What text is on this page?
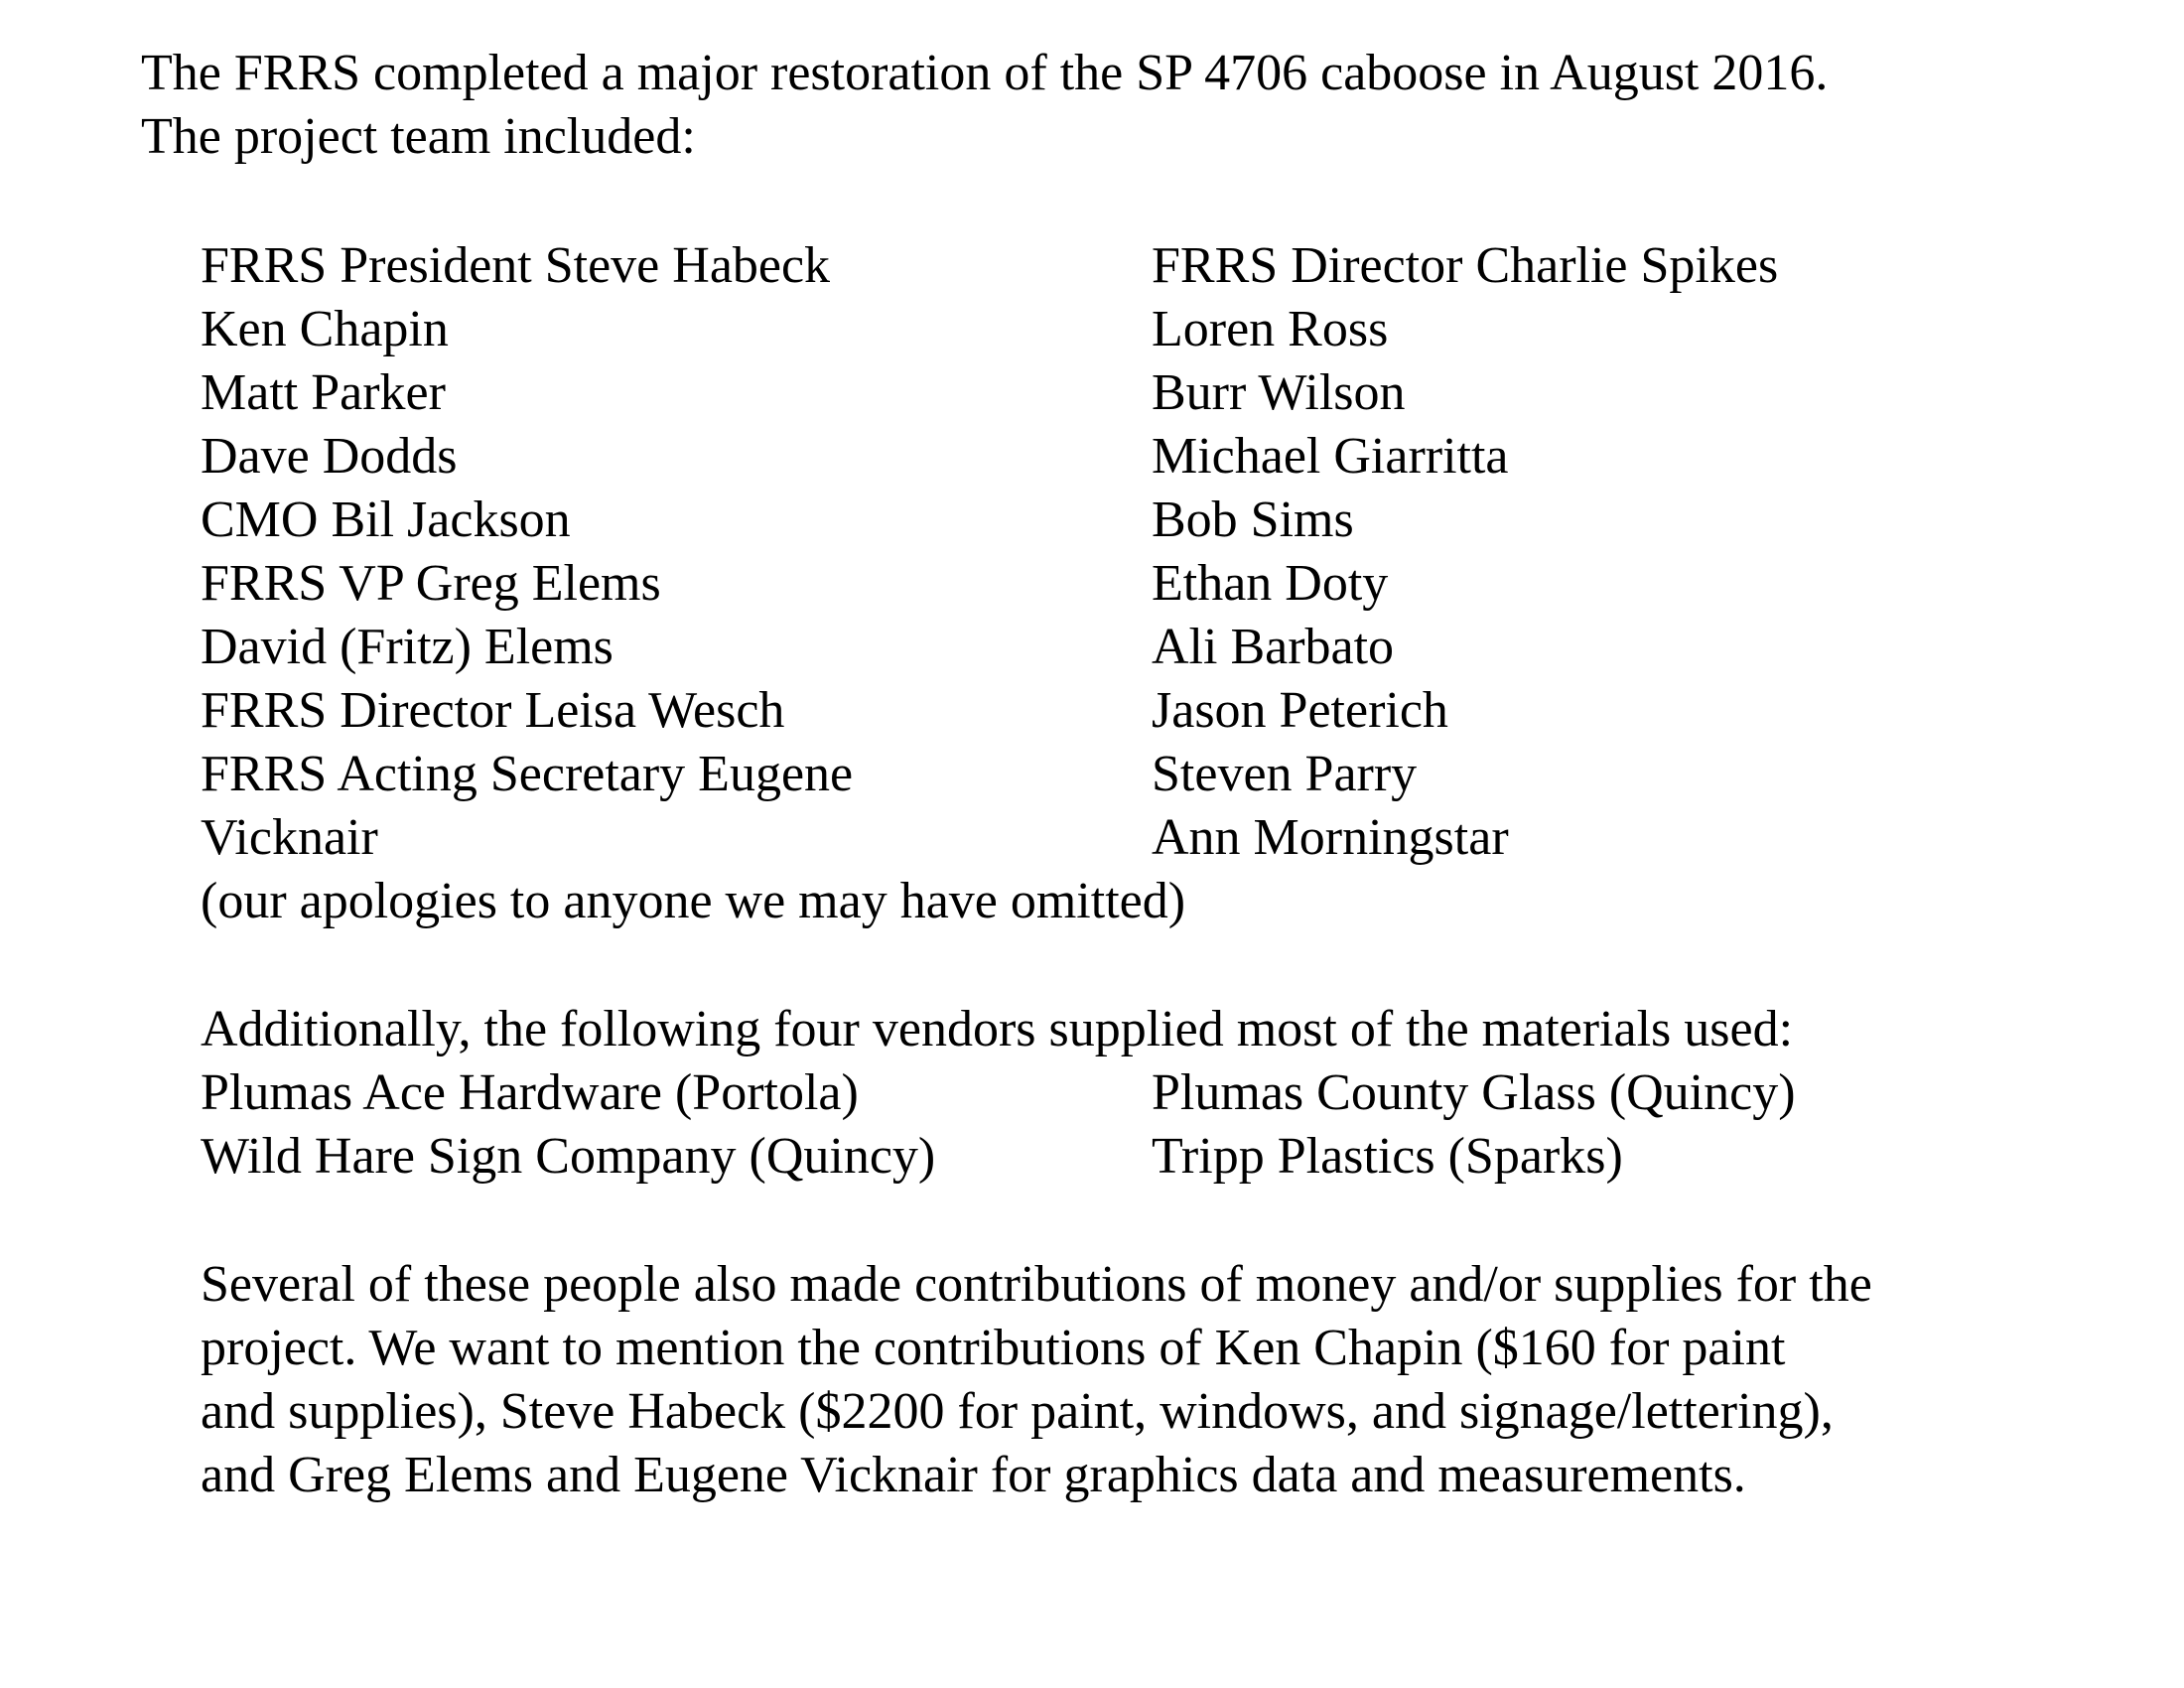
The FRRS completed a major restoration of the SP 4706 caboose in August 2016.

The project team included:

FRRS President Steve Habeck	FRRS Director Charlie Spikes

Ken Chapin	Loren Ross

Matt Parker	Burr Wilson

Dave Dodds	Michael Giarritta

CMO Bil Jackson	Bob Sims

FRRS VP Greg Elems	Ethan Doty

David (Fritz) Elems	Ali Barbato

FRRS Director Leisa Wesch	Jason Peterich

FRRS Acting Secretary Eugene	Steven Parry

Vicknair	Ann Morningstar

(our apologies to anyone we may have omitted)

Additionally, the following four vendors supplied most of the materials used:

Plumas Ace Hardware (Portola)	Plumas County Glass (Quincy)

Wild Hare Sign Company (Quincy)	Tripp Plastics (Sparks)

Several of these people also made contributions of money and/or supplies for the

project. We want to mention the contributions of Ken Chapin ($160 for paint

and supplies), Steve Habeck ($2200 for paint, windows, and signage/lettering),

and Greg Elems and Eugene Vicknair for graphics data and measurements.
